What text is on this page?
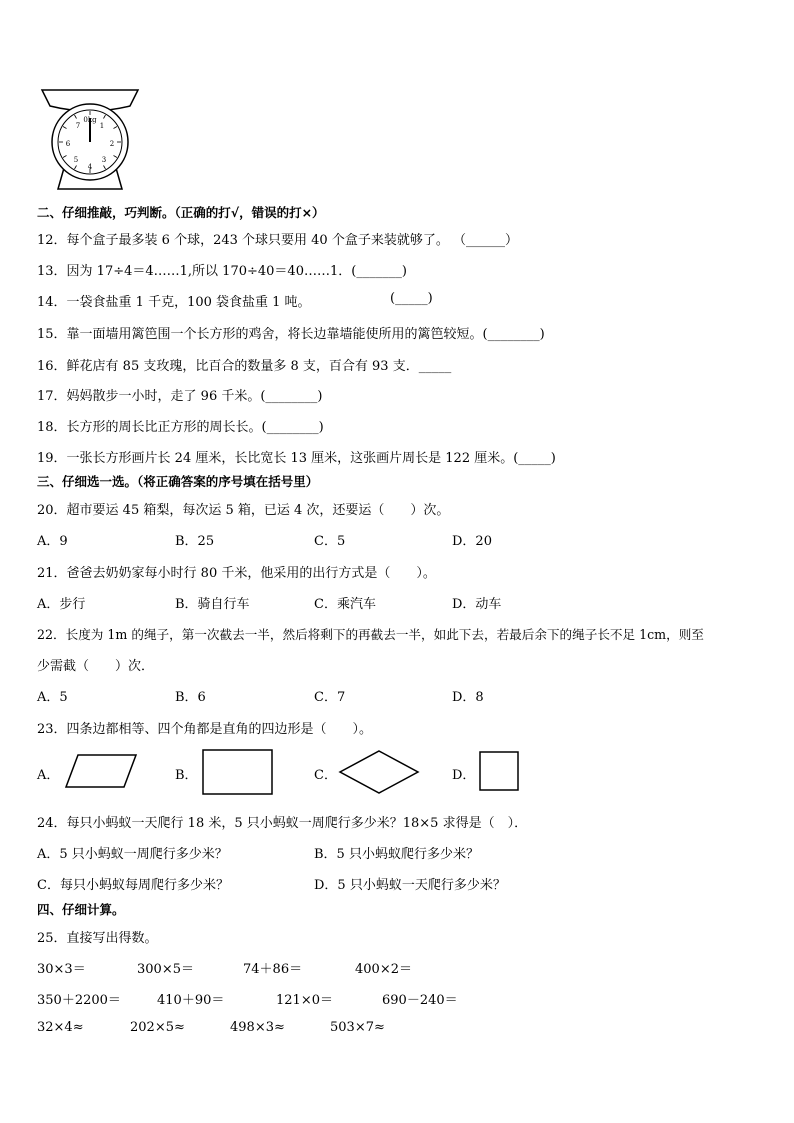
0kg
1
2
3
4
5
6
7
二、仔细推敲，巧判断。（正确的打√，错误的打×）
12．每个盒子最多装 6 个球，243 个球只要用 40 个盒子来装就够了。 （______）
13．因为 17÷4＝4……1,所以 170÷40＝40……1．(_______)
14．一袋食盐重 1 千克，100 袋食盐重 1 吨。	(_____)
15．靠一面墙用篱笆围一个长方形的鸡舍，将长边靠墙能使所用的篱笆较短。(________)
16．鲜花店有 85 支玫瑰，比百合的数量多 8 支，百合有 93 支．_____
17．妈妈散步一小时，走了 96 千米。(________)
18．长方形的周长比正方形的周长长。(________)
19．一张长方形画片长 24 厘米，长比宽长 13 厘米，这张画片周长是 122 厘米。(_____)
三、仔细选一选。（将正确答案的序号填在括号里）
20．超市要运 45 箱梨，每次运 5 箱，已运 4 次，还要运（　　）次。
A．9	B．25	C．5	D．20
21．爸爸去奶奶家每小时行 80 千米，他采用的出行方式是（　　）。
A．步行	B．骑自行车	C．乘汽车	D．动车
22．长度为 1m 的绳子，第一次截去一半，然后将剩下的再截去一半，如此下去，若最后余下的绳子长不足 1cm，则至
少需截（　　）次．
A．5	B．6	C．7	D．8
23．四条边都相等、四个角都是直角的四边形是（　　）。
A．	B．	C．	D．
24．每只小蚂蚁一天爬行 18 米，5 只小蚂蚁一周爬行多少米？18×5 求得是（　）．
A．5 只小蚂蚁一周爬行多少米？	B．5 只小蚂蚁爬行多少米？
C．每只小蚂蚁每周爬行多少米？	D．5 只小蚂蚁一天爬行多少米？
四、仔细计算。
25．直接写出得数。
30×3＝	300×5＝	74＋86＝	400×2＝
350＋2200＝	410＋90＝	121×0＝	690－240＝
32×4≈	202×5≈	498×3≈	503×7≈
